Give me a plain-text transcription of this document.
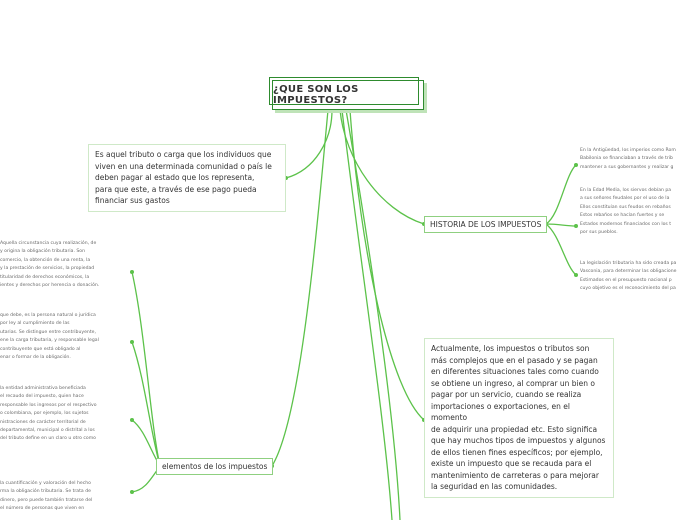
¿QUE SON LOS IMPUESTOS?
Es aquel tributo o carga que los individuos que
viven en una determinada comunidad o país le
deben pagar al estado que los representa,
para que este, a través de ese pago pueda
financiar sus gastos
HISTORIA DE LOS IMPUESTOS
En la Antigüedad, los imperios como Rom
Babilonia se financiaban a través de trib
mantener a sus gobernantes y realizar g
En la Edad Media, los siervos debían pa
a sus señores feudales por el uso de la
Ellos constituían sus feudos en rebaños
Estos rebaños se hacían fuertes y se
Estados modernos financiados con los t
por sus pueblos.
La legislación tributaria ha sido creada pa
Vasconia, para determinar las obligacione
Estimados en el presupuesto nacional p
cuyo objetivo es el reconocimiento del pa
Actualmente, los impuestos o tributos son
más complejos que en el pasado y se pagan
en diferentes situaciones tales como cuando
se obtiene un ingreso, al comprar un bien o
pagar por un servicio, cuando se realiza
importaciones o exportaciones, en el momento
de adquirir una propiedad etc. Esto significa
que hay muchos tipos de impuestos y algunos
de ellos tienen fines específicos; por ejemplo,
existe un impuesto que se recauda para el
mantenimiento de carreteras o para mejorar
la seguridad en las comunidades.
elementos de los impuestos
Aquella circunstancia cuya realización, de
y origina la obligación tributaria. Son
comercio, la obtención de una renta, la
y la prestación de servicios, la propiedad
titularidad de derechos económicos, la
ientes y derechos por herencia o donación.
que debe, es la persona natural o jurídica
por ley al cumplimiento de las
utarias. Se distingue entre contribuyente,
ene la carga tributaria, y responsable legal
contribuyente que está obligado al
enar o formar de la obligación.
la entidad administrativa beneficiada
el recaudo del impuesto, quien hace
responsable los ingresos por el respectivo
o colombiana, por ejemplo, los sujetos
nistraciones de carácter territorial de
departamental, municipal o distrital a los
del tributo define en un claro u otro como
la cuantificación y valoración del hecho
rma la obligación tributaria. Se trata de
dinero, pero puede también tratarse del
el número de personas que viven en
